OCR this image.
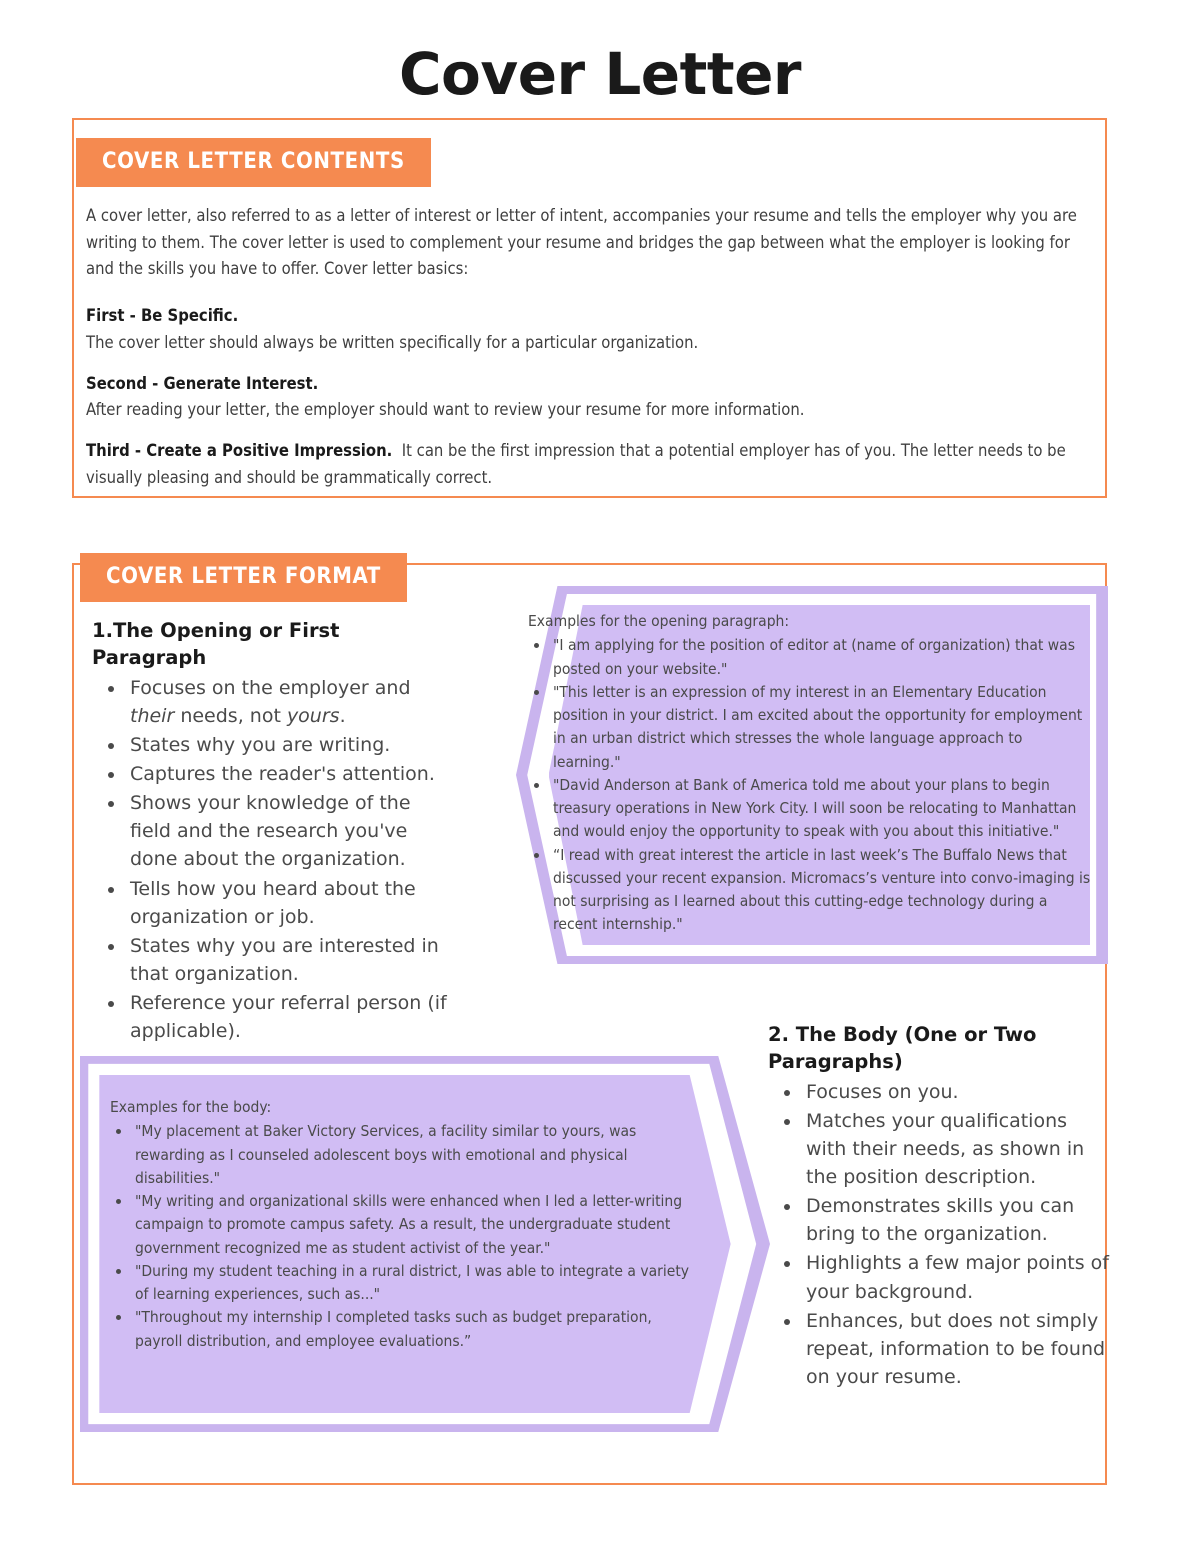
Cover Letter
COVER LETTER CONTENTS

A cover letter, also referred to as a letter of interest or letter of intent, accompanies your resume and tells the employer why you are writing to them. The cover letter is used to complement your resume and bridges the gap between what the employer is looking for and the skills you have to offer. Cover letter basics:

First - Be Specific.

The cover letter should always be written specifically for a particular organization.

Second - Generate Interest.

After reading your letter, the employer should want to review your resume for more information.

Third - Create a Positive Impression. It can be the first impression that a potential employer has of you. The letter needs to be visually pleasing and should be grammatically correct.

1.The Opening or First Paragraph

• Focuses on the employer and their needs, not yours.
• States why you are writing.
• Captures the reader's attention.
• Shows your knowledge of the field and the research you've done about the organization.
• Tells how you heard about the organization or job.
• States why you are interested in that organization.
• Reference your referral person (if applicable).

Examples for the opening paragraph:

• "I am applying for the position of editor at (name of organization) that was posted on your website."
• "This letter is an expression of my interest in an Elementary Education position in your district. I am excited about the opportunity for employment in an urban district which stresses the whole language approach to learning."
• "David Anderson at Bank of America told me about your plans to begin treasury operations in New York City. I will soon be relocating to Manhattan and would enjoy the opportunity to speak with you about this initiative."
• “I read with great interest the article in last week’s The Buffalo News that discussed your recent expansion. Micromacs’s venture into convo-imaging is not surprising as I learned about this cutting-edge technology during a recent internship."

2. The Body (One or Two Paragraphs)

• Focuses on you.
• Matches your qualifications with their needs, as shown in the position description.
• Demonstrates skills you can bring to the organization.
• Highlights a few major points of your background.
• Enhances, but does not simply repeat, information to be found on your resume.

Examples for the body:

• "My placement at Baker Victory Services, a facility similar to yours, was rewarding as I counseled adolescent boys with emotional and physical disabilities."
• "My writing and organizational skills were enhanced when I led a letter-writing campaign to promote campus safety. As a result, the undergraduate student government recognized me as student activist of the year."
• "During my student teaching in a rural district, I was able to integrate a variety of learning experiences, such as..."
• "Throughout my internship I completed tasks such as budget preparation, payroll distribution, and employee evaluations.”
COVER LETTER FORMAT
